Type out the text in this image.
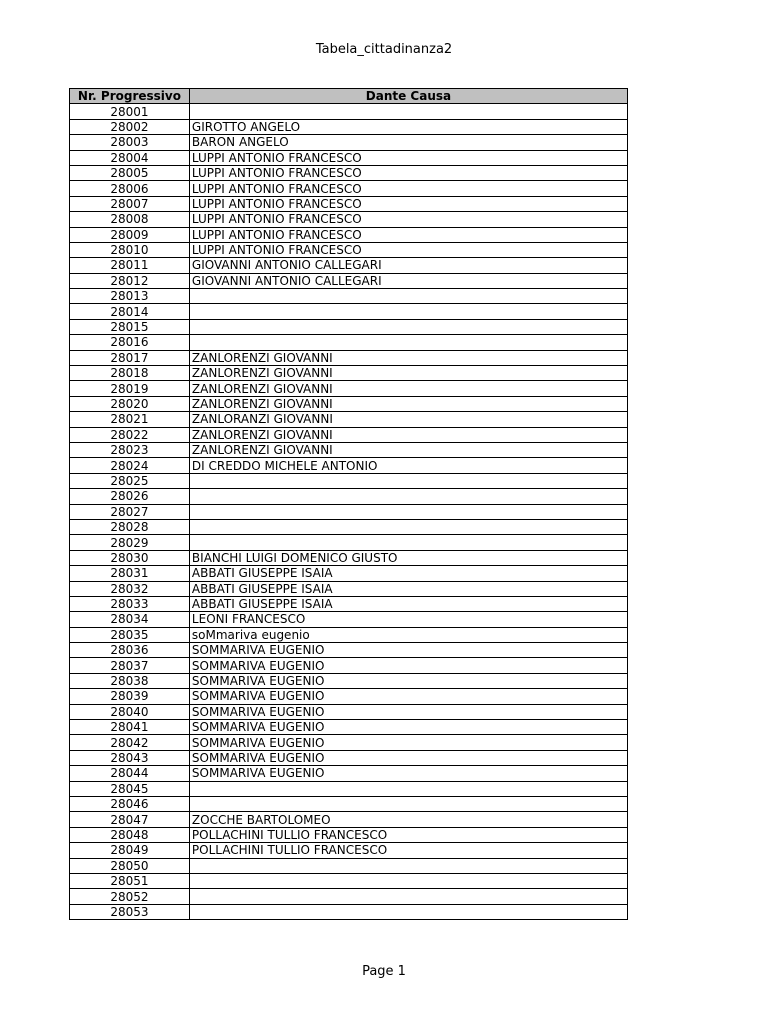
Tabela_cittadinanza2
Nr. Progressivo	Dante Causa
28001	
28002	GIROTTO ANGELO
28003	BARON ANGELO
28004	LUPPI ANTONIO FRANCESCO
28005	LUPPI ANTONIO FRANCESCO
28006	LUPPI ANTONIO FRANCESCO
28007	LUPPI ANTONIO FRANCESCO
28008	LUPPI ANTONIO FRANCESCO
28009	LUPPI ANTONIO FRANCESCO
28010	LUPPI ANTONIO FRANCESCO
28011	GIOVANNI ANTONIO CALLEGARI
28012	GIOVANNI ANTONIO CALLEGARI
28013	
28014	
28015	
28016	
28017	ZANLORENZI GIOVANNI
28018	ZANLORENZI GIOVANNI
28019	ZANLORENZI GIOVANNI
28020	ZANLORENZI GIOVANNI
28021	ZANLORANZI GIOVANNI
28022	ZANLORENZI GIOVANNI
28023	ZANLORENZI GIOVANNI
28024	DI CREDDO MICHELE ANTONIO
28025	
28026	
28027	
28028	
28029	
28030	BIANCHI LUIGI DOMENICO GIUSTO
28031	ABBATI GIUSEPPE ISAIA
28032	ABBATI GIUSEPPE ISAIA
28033	ABBATI GIUSEPPE ISAIA
28034	LEONI FRANCESCO
28035	soMmariva eugenio
28036	SOMMARIVA EUGENIO
28037	SOMMARIVA EUGENIO
28038	SOMMARIVA EUGENIO
28039	SOMMARIVA EUGENIO
28040	SOMMARIVA EUGENIO
28041	SOMMARIVA EUGENIO
28042	SOMMARIVA EUGENIO
28043	SOMMARIVA EUGENIO
28044	SOMMARIVA EUGENIO
28045	
28046	
28047	ZOCCHE BARTOLOMEO
28048	POLLACHINI TULLIO FRANCESCO
28049	POLLACHINI TULLIO FRANCESCO
28050	
28051	
28052	
28053	
Page 1
